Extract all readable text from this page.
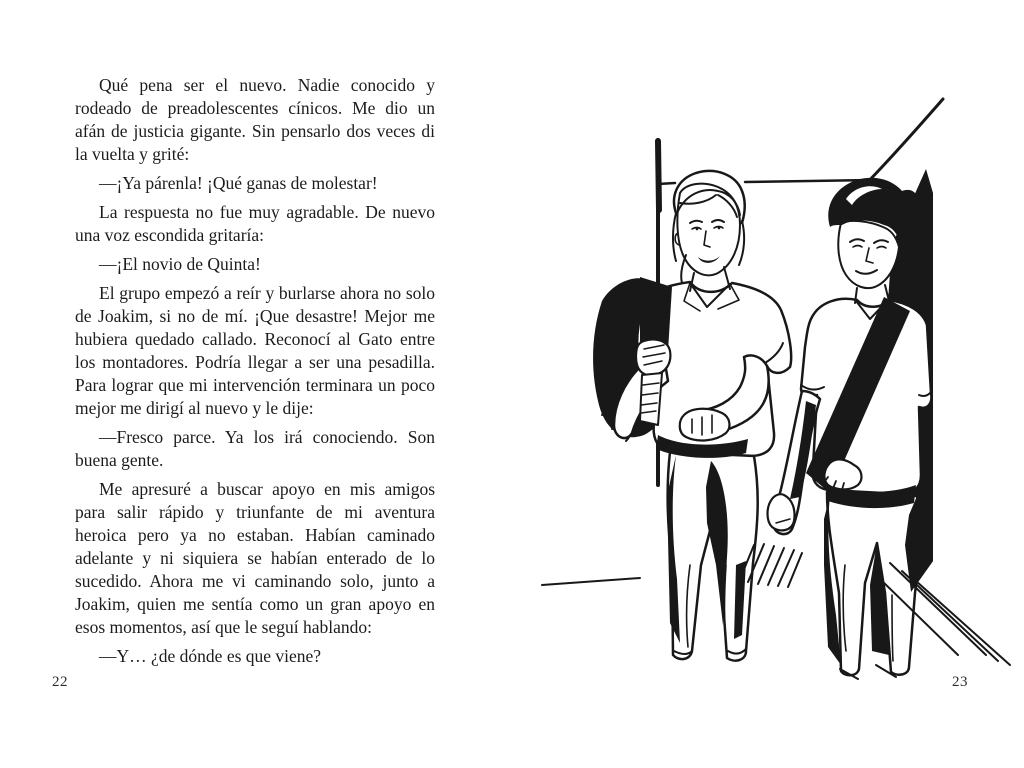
Qué pena ser el nuevo. Nadie conocido y rodeado de preadolescentes cínicos. Me dio un afán de justicia gigante. Sin pensarlo dos veces di la vuelta y grité:

—¡Ya párenla! ¡Qué ganas de molestar!

La respuesta no fue muy agradable. De nuevo una voz escondida gritaría:

—¡El novio de Quinta!

El grupo empezó a reír y burlarse ahora no solo de Joakim, si no de mí. ¡Que desastre! Mejor me hubiera quedado callado. Reconocí al Gato entre los montadores. Podría llegar a ser una pesadilla. Para lograr que mi intervención terminara un poco mejor me dirigí al nuevo y le dije:

—Fresco parce. Ya los irá conociendo. Son buena gente.

Me apresuré a buscar apoyo en mis amigos para salir rápido y triunfante de mi aventura heroica pero ya no estaban. Habían caminado adelante y ni siquiera se habían enterado de lo sucedido. Ahora me vi caminando solo, junto a Joakim, quien me sentía como un gran apoyo en esos momentos, así que le seguí hablando:

—Y… ¿de dónde es que viene?

22	23
